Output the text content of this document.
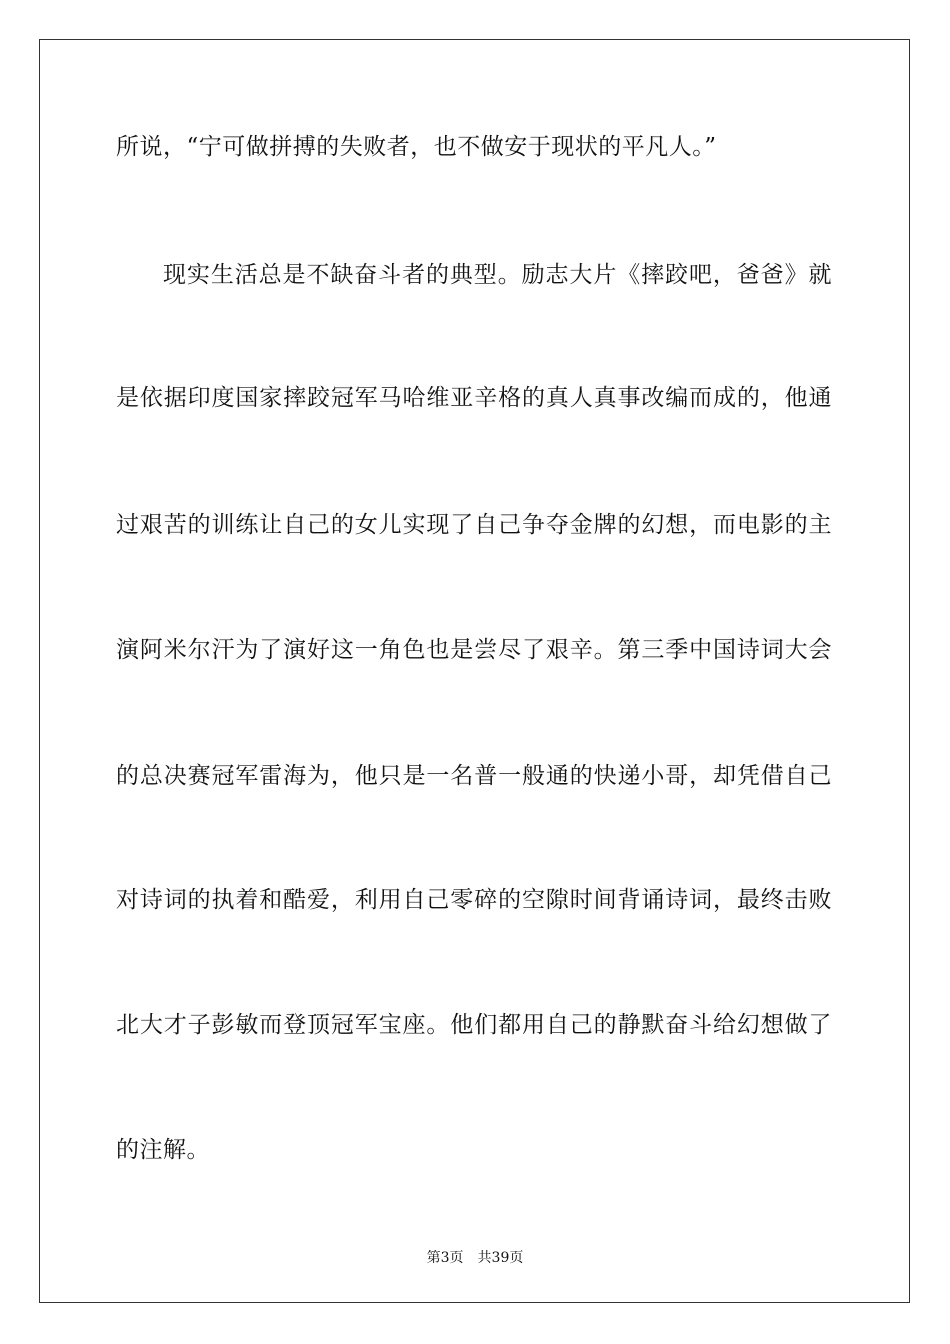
所说，“宁可做拼搏的失败者，也不做安于现状的平凡人。”
现实生活总是不缺奋斗者的典型。励志大片《摔跤吧，爸爸》就
是依据印度国家摔跤冠军马哈维亚辛格的真人真事改编而成的，他通
过艰苦的训练让自己的女儿实现了自己争夺金牌的幻想，而电影的主
演阿米尔汗为了演好这一角色也是尝尽了艰辛。第三季中国诗词大会
的总决赛冠军雷海为，他只是一名普一般通的快递小哥，却凭借自己
对诗词的执着和酷爱，利用自己零碎的空隙时间背诵诗词，最终击败
北大才子彭敏而登顶冠军宝座。他们都用自己的静默奋斗给幻想做了
的注解。
第3页 共39页
